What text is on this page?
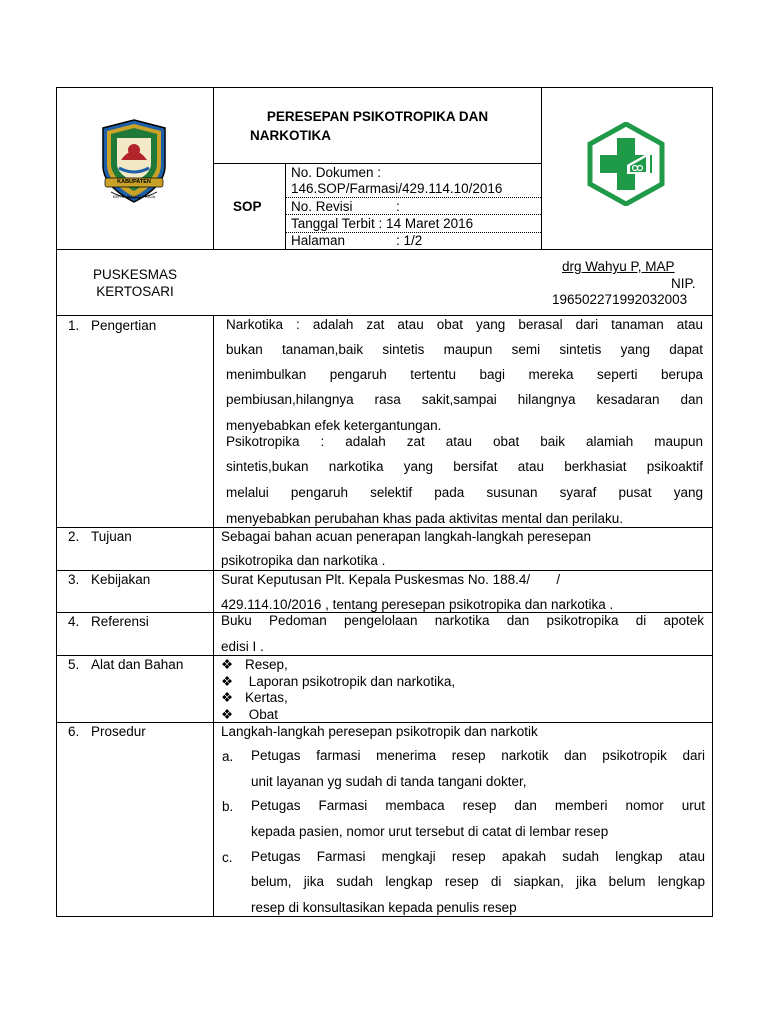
KABUPATEN
KERTA BHAKTI PRAJA
PERESEPAN PSIKOTROPIKA DAN
NARKOTIKA
SOP
No. Dokumen :
146.SOP/Farmasi/429.114.10/2016
No. Revisi	:
Tanggal Terbit : 14 Maret 2016
Halaman	: 1/2
PUSKESMAS
KERTOSARI
drg Wahyu P, MAP
NIP.
196502271992032003
1. Pengertian
2. Tujuan
3. Kebijakan
4. Referensi
5. Alat dan Bahan
6. Prosedur
Narkotika : adalah zat atau obat yang berasal dari tanaman atau
bukan tanaman,baik sintetis maupun semi sintetis yang dapat
menimbulkan pengaruh tertentu bagi mereka seperti berupa
pembiusan,hilangnya rasa sakit,sampai hilangnya kesadaran dan
menyebabkan efek ketergantungan.
Psikotropika : adalah zat atau obat baik alamiah maupun
sintetis,bukan narkotika yang bersifat atau berkhasiat psikoaktif
melalui pengaruh selektif pada susunan syaraf pusat yang
menyebabkan perubahan khas pada aktivitas mental dan perilaku.
Sebagai bahan acuan penerapan langkah-langkah peresepan
psikotropika dan narkotika .
Surat Keputusan Plt. Kepala Puskesmas No. 188.4/       /
429.114.10/2016 , tentang peresepan psikotropika dan narkotika .
Buku Pedoman pengelolaan narkotika dan psikotropika di apotek
edisi I .
❖ Resep,
❖ Laporan psikotropik dan narkotika,
❖ Kertas,
❖ Obat
Langkah-langkah peresepan psikotropik dan narkotik
a. Petugas farmasi menerima resep narkotik dan psikotropik dari
unit layanan yg sudah di tanda tangani dokter,
b. Petugas Farmasi membaca resep dan memberi nomor urut
kepada pasien, nomor urut tersebut di catat di lembar resep
c. Petugas Farmasi mengkaji resep apakah sudah lengkap atau
belum, jika sudah lengkap resep di siapkan, jika belum lengkap
resep di konsultasikan kepada penulis resep
